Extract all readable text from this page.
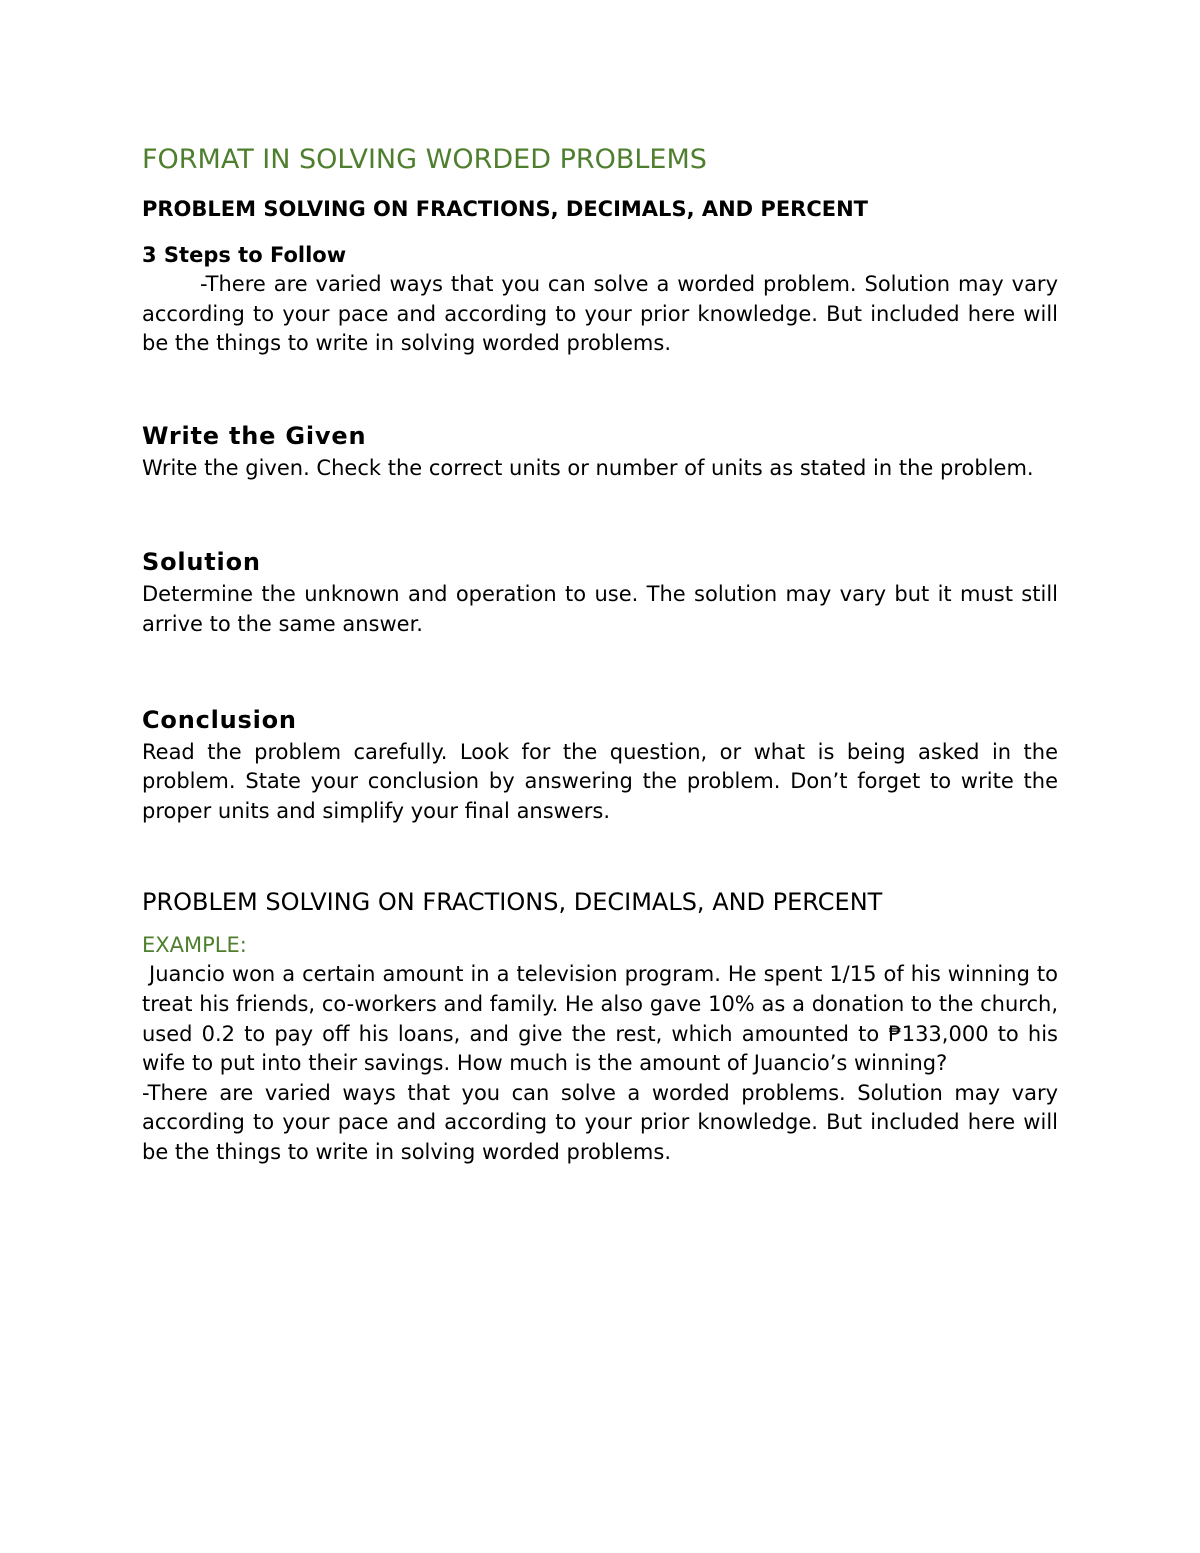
FORMAT IN SOLVING WORDED PROBLEMS
PROBLEM SOLVING ON FRACTIONS, DECIMALS, AND PERCENT
3 Steps to Follow

-There are varied ways that you can solve a worded problem. Solution may vary according to your pace and according to your prior knowledge. But included here will be the things to write in solving worded problems.

Write the Given

Write the given. Check the correct units or number of units as stated in the problem.

Solution

Determine the unknown and operation to use. The solution may vary but it must still arrive to the same answer.

Conclusion

Read the problem carefully. Look for the question, or what is being asked in the problem. State your conclusion by answering the problem. Don’t forget to write the proper units and simplify your final answers.

PROBLEM SOLVING ON FRACTIONS, DECIMALS, AND PERCENT
EXAMPLE:

Juancio won a certain amount in a television program. He spent 1/15 of his winning to treat his friends, co-workers and family. He also gave 10% as a donation to the church, used 0.2 to pay off his loans, and give the rest, which amounted to ₱133,000 to his wife to put into their savings. How much is the amount of Juancio’s winning?

-There are varied ways that you can solve a worded problems. Solution may vary according to your pace and according to your prior knowledge. But included here will be the things to write in solving worded problems.
